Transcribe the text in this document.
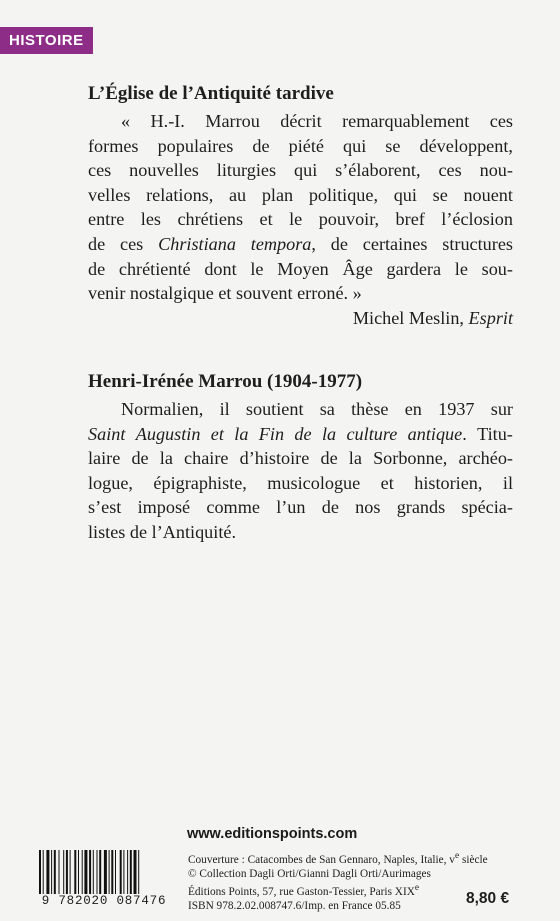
HISTOIRE
L’Église de l’Antiquité tardive
« H.-I. Marrou décrit remarquablement ces
formes populaires de piété qui se développent,
ces nouvelles liturgies qui s’élaborent, ces nou-
velles relations, au plan politique, qui se nouent
entre les chrétiens et le pouvoir, bref l’éclosion
de ces Christiana tempora, de certaines structures
de chrétienté dont le Moyen Âge gardera le sou-
venir nostalgique et souvent erroné. »
Michel Meslin, Esprit
Henri-Irénée Marrou (1904-1977)
Normalien, il soutient sa thèse en 1937 sur
Saint Augustin et la Fin de la culture antique. Titu-
laire de la chaire d’histoire de la Sorbonne, archéo-
logue, épigraphiste, musicologue et historien, il
s’est imposé comme l’un de nos grands spécia-
listes de l’Antiquité.
www.editionspoints.com
9 782020 087476
Couverture : Catacombes de San Gennaro, Naples, Italie, $v^e$ siècle
© Collection Dagli Orti/Gianni Dagli Orti/Aurimages
Éditions Points, 57, rue Gaston-Tessier, Paris XIXe
ISBN 978.2.02.008747.6/Imp. en France 05.85	8,80 €
